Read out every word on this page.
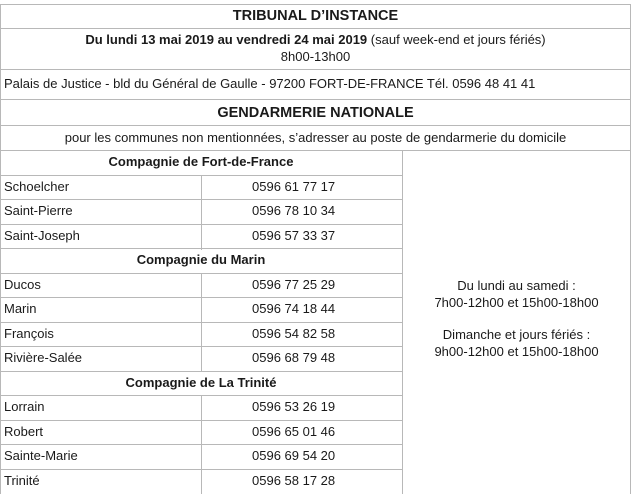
TRIBUNAL D’INSTANCE
Du lundi 13 mai 2019 au vendredi 24 mai 2019 (sauf week-end et jours fériés)
8h00-13h00
Palais de Justice - bld du Général de Gaulle - 97200 FORT-DE-FRANCE Tél. 0596 48 41 41
GENDARMERIE NATIONALE
pour les communes non mentionnées, s’adresser au poste de gendarmerie du domicile
Compagnie de Fort-de-France
Schoelcher	0596 61 77 17
Saint-Pierre	0596 78 10 34
Saint-Joseph	0596 57 33 37
Compagnie du Marin
Ducos	0596 77 25 29
Marin	0596 74 18 44
François	0596 54 82 58
Rivière-Salée	0596 68 79 48
Compagnie de La Trinité
Lorrain	0596 53 26 19
Robert	0596 65 01 46
Sainte-Marie	0596 69 54 20
Trinité	0596 58 17 28
Du lundi au samedi :
7h00-12h00 et 15h00-18h00
Dimanche et jours fériés :
9h00-12h00 et 15h00-18h00
